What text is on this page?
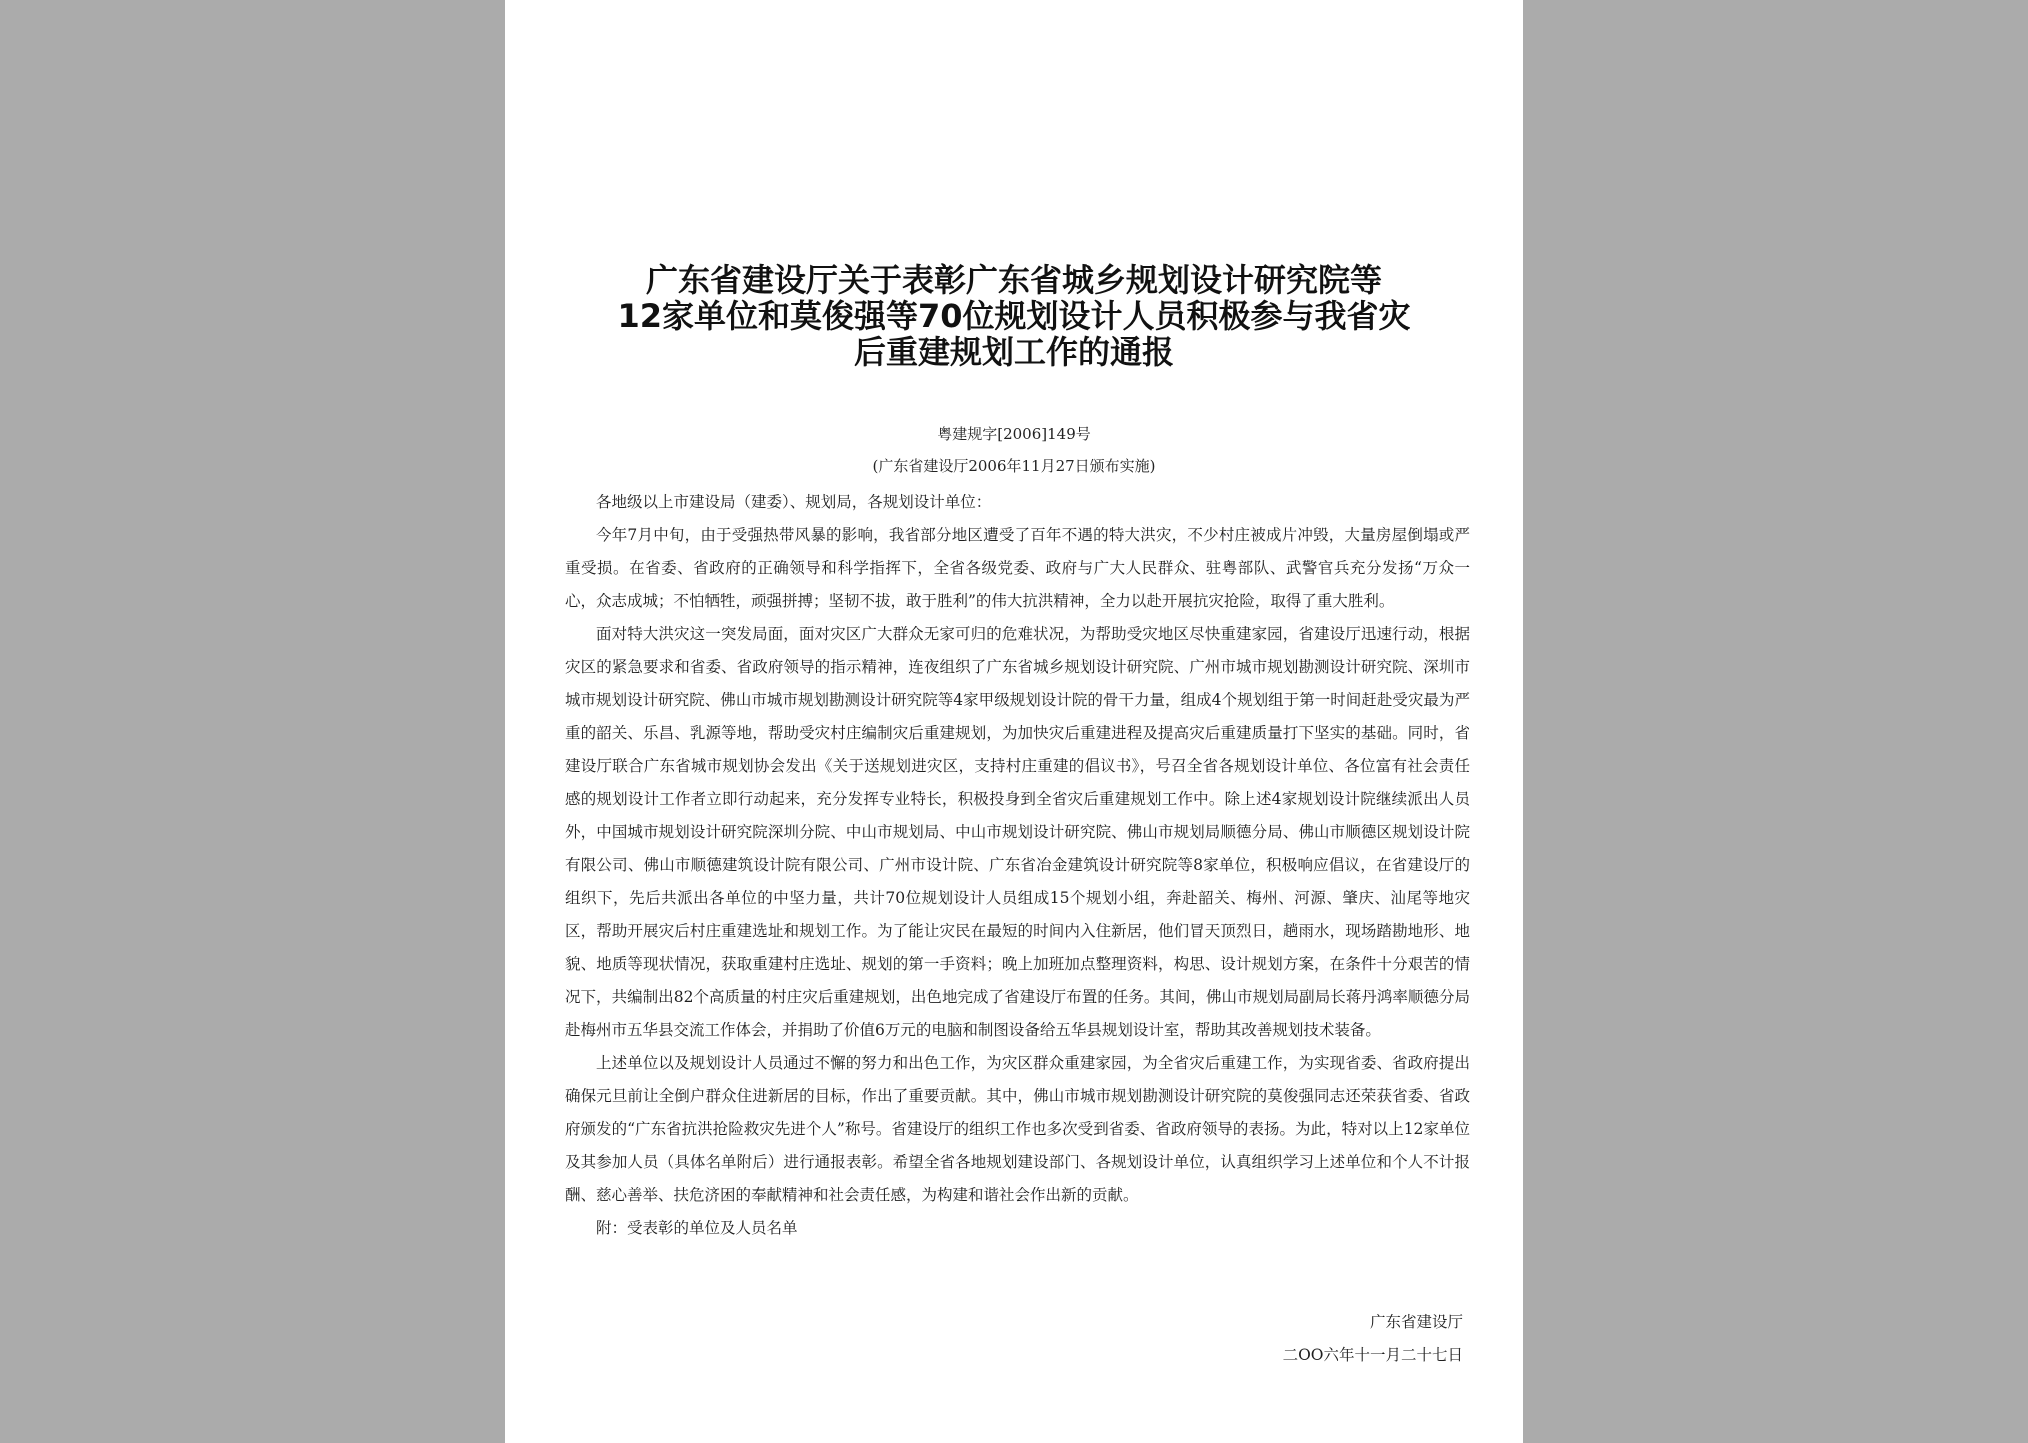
广东省建设厅关于表彰广东省城乡规划设计研究院等
12家单位和莫俊强等70位规划设计人员积极参与我省灾
后重建规划工作的通报
粤建规字[2006]149号
(广东省建设厅2006年11月27日颁布实施)

各地级以上市建设局（建委）、规划局，各规划设计单位：

今年7月中旬，由于受强热带风暴的影响，我省部分地区遭受了百年不遇的特大洪灾，不少村庄被成片冲毁，大量房屋倒塌或严重受损。在省委、省政府的正确领导和科学指挥下，全省各级党委、政府与广大人民群众、驻粤部队、武警官兵充分发扬“万众一心，众志成城；不怕牺牲，顽强拼搏；坚韧不拔，敢于胜利”的伟大抗洪精神，全力以赴开展抗灾抢险，取得了重大胜利。

面对特大洪灾这一突发局面，面对灾区广大群众无家可归的危难状况，为帮助受灾地区尽快重建家园，省建设厅迅速行动，根据灾区的紧急要求和省委、省政府领导的指示精神，连夜组织了广东省城乡规划设计研究院、广州市城市规划勘测设计研究院、深圳市城市规划设计研究院、佛山市城市规划勘测设计研究院等4家甲级规划设计院的骨干力量，组成4个规划组于第一时间赶赴受灾最为严重的韶关、乐昌、乳源等地，帮助受灾村庄编制灾后重建规划，为加快灾后重建进程及提高灾后重建质量打下坚实的基础。同时，省建设厅联合广东省城市规划协会发出《关于送规划进灾区，支持村庄重建的倡议书》，号召全省各规划设计单位、各位富有社会责任感的规划设计工作者立即行动起来，充分发挥专业特长，积极投身到全省灾后重建规划工作中。除上述4家规划设计院继续派出人员外，中国城市规划设计研究院深圳分院、中山市规划局、中山市规划设计研究院、佛山市规划局顺德分局、佛山市顺德区规划设计院有限公司、佛山市顺德建筑设计院有限公司、广州市设计院、广东省冶金建筑设计研究院等8家单位，积极响应倡议，在省建设厅的组织下，先后共派出各单位的中坚力量，共计70位规划设计人员组成15个规划小组，奔赴韶关、梅州、河源、肇庆、汕尾等地灾区，帮助开展灾后村庄重建选址和规划工作。为了能让灾民在最短的时间内入住新居，他们冒天顶烈日，趟雨水，现场踏勘地形、地貌、地质等现状情况，获取重建村庄选址、规划的第一手资料；晚上加班加点整理资料，构思、设计规划方案，在条件十分艰苦的情况下，共编制出82个高质量的村庄灾后重建规划，出色地完成了省建设厅布置的任务。其间，佛山市规划局副局长蒋丹鸿率顺德分局赴梅州市五华县交流工作体会，并捐助了价值6万元的电脑和制图设备给五华县规划设计室，帮助其改善规划技术装备。

上述单位以及规划设计人员通过不懈的努力和出色工作，为灾区群众重建家园，为全省灾后重建工作，为实现省委、省政府提出确保元旦前让全倒户群众住进新居的目标，作出了重要贡献。其中，佛山市城市规划勘测设计研究院的莫俊强同志还荣获省委、省政府颁发的“广东省抗洪抢险救灾先进个人”称号。省建设厅的组织工作也多次受到省委、省政府领导的表扬。为此，特对以上12家单位及其参加人员（具体名单附后）进行通报表彰。希望全省各地规划建设部门、各规划设计单位，认真组织学习上述单位和个人不计报酬、慈心善举、扶危济困的奉献精神和社会责任感，为构建和谐社会作出新的贡献。

附：受表彰的单位及人员名单

广东省建设厅
二OO六年十一月二十七日
